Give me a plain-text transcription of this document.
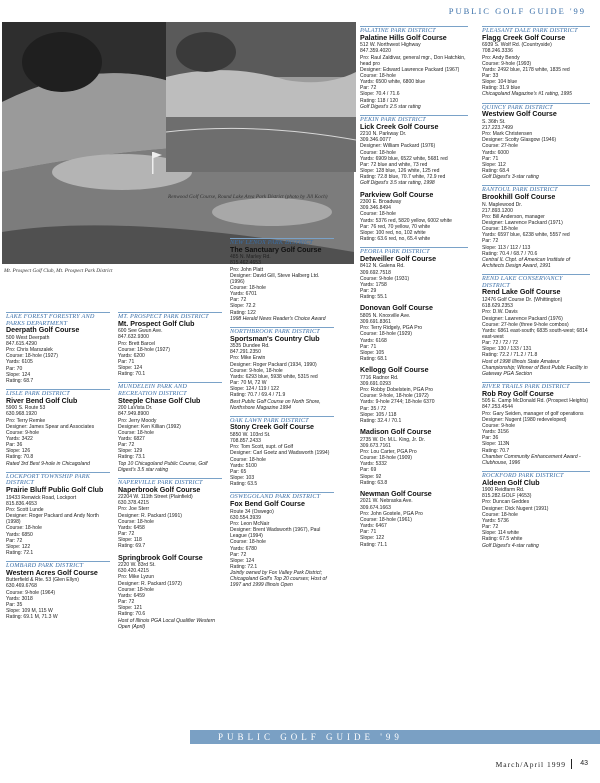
PUBLIC GOLF GUIDE '99
Mt. Prospect Golf Club, Mt. Prospect Park District
Renwood Golf Course, Round Lake Area Park District (photo by Jill Koch)
LAKE FOREST FORESTRY AND PARKS DEPARTMENT
Deerpath Golf Course
500 West Deerpath
847.615.4290
Pro: Chris Marszalek
Course: 18-hole (1927)
Yards: 6105
Par: 70
Slope: 124
Rating: 68.7
LISLE PARK DISTRICT
River Bend Golf Club
5900 S. Route 53
630.968.1920
Pro: Terry Remke
Designer: James Spear and Associates
Course: 9-hole
Yards: 3422
Par: 36
Slope: 126
Rating: 70.8
Rated 3rd Best 9-hole in Chicagoland
LOCKPORT TOWNSHIP PARK DISTRICT
Prairie Bluff Public Golf Club
19433 Renwick Road, Lockport
815.836.4653
Pro: Scott Lunde
Designer: Roger Packard and Andy North (1998)
Course: 18-hole
Yards: 6850
Par: 72
Slope: 122
Rating: 72.1
LOMBARD PARK DISTRICT
Western Acres Golf Course
Butterfield & Rte. 53 (Glen Ellyn)
630.469.6768
Course: 9-hole (1964)
Yards: 3018
Par: 35
Slope: 109 M, 115 W
Rating: 69.1 M, 71.3 W
MT. PROSPECT PARK DISTRICT
Mt. Prospect Golf Club
600 See Gwun Ave.
847.632.9300
Pro: Brett Barcel
Course: 18-hole (1927)
Yards: 6200
Par: 71
Slope: 124
Rating: 70.1
MUNDELEIN PARK AND RECREATION DISTRICT
Steeple Chase Golf Club
200 LaVista Dr.
847.949.8900
Pro: Jerry Moody
Designer: Ken Killian (1992)
Course: 18-hole
Yards: 6827
Par: 72
Slope: 129
Rating: 73.1
Top 10 Chicagoland Public Course, Golf Digest's 3.5 star rating
NAPERVILLE PARK DISTRICT
Naperbrook Golf Course
22204 W. 111th Street (Plainfield)
630.378.4215
Pro: Joe Sterr
Designer: R. Packard (1991)
Course: 18-hole
Yards: 6458
Par: 72
Slope: 118
Rating: 69.7
Springbrook Golf Course
2220 W. 83rd St.
630.420.4215
Pro: Mike Lyzun
Designer: R. Packard (1972)
Course: 18-hole
Yards: 6459
Par: 72
Slope: 121
Rating: 70.6
Host of Illinois PGA Local Qualifier Western Open (April)
NEW LENOX PARK DISTRICT
The Sanctuary Golf Course
485 N. Marley Rd.
815.462.4653
Pro: John Platt
Designer: David Gill, Steve Halberg Ltd. (1996)
Course: 18-hole
Yards: 6701
Par: 72
Slope: 72.2
Rating: 122
1998 Herald News Reader's Choice Award
NORTHBROOK PARK DISTRICT
Sportsman's Country Club
3535 Dundee Rd.
847.291.2350
Pro: Mike Erwin
Designer: Roger Packard (1934, 1990)
Course: 9-hole, 18-hole
Yards: 6293 blue, 5938 white, 5315 red
Par: 70 M, 72 W
Slope: 124 / 119 / 122
Rating: 70.7 / 69.4 / 71.9
Best Public Golf Course on North Shore, Northshore Magazine 1994
OAK LAWN PARK DISTRICT
Stony Creek Golf Course
5850 W. 103rd St.
708.857.2433
Pro: Tom Scott, supt. of Golf
Designer: Carl Goetz and Wadsworth (1994)
Course: 18-hole
Yards: 5100
Par: 65
Slope: 103
Rating: 63.5
OSWEGOLAND PARK DISTRICT
Fox Bend Golf Course
Route 34 (Oswego)
630.554.3939
Pro: Leon McNair
Designer: Brent Wadsworth (1967), Paul League (1994)
Course: 18-hole
Yards: 6780
Par: 72
Slope: 124
Rating: 72.1
Jointly owned by Fox Valley Park District; Chicagoland Golf's Top 20 courses; Host of 1997 and 1999 Illinois Open
PALATINE PARK DISTRICT
Palatine Hills Golf Course
512 W. Northwest Highway
847.359.4020
Pro: Raul Zaldivar, general mgr., Don Hatchkin, head pro
Designer: Edward Lawrence Packard (1967)
Course: 18-hole
Yards: 6500 white, 6800 blue
Par: 72
Slope: 70.4 / 71.6
Rating: 118 / 120
Golf Digest's 2.5 star rating
PEKIN PARK DISTRICT
Lick Creek Golf Course
2210 N. Parkway Dr.
309.346.0077
Designer: William Packard (1976)
Course: 18-hole
Yards: 6909 blue, 6522 white, 5681 red
Par: 72 blue and white, 73 red
Slope: 128 blue, 126 white, 125 red
Rating: 72.8 blue, 70.7 white, 72.9 red
Golf Digest's 3.5 star rating, 1998
Parkview Golf Course
2300 E. Broadway
309.346.8494
Course: 18-hole
Yards: 5376 red, 5820 yellow, 6002 white
Par: 76 red, 70 yellow, 70 white
Slope: 100 red, no, 102 white
Rating: 63.6 red, no, 65.4 white
PEORIA PARK DISTRICT
Detweiller Golf Course
8412 N. Galena Rd.
309.692.7518
Course: 9-hole (1931)
Yards: 1758
Par: 29
Rating: 55.1
Donovan Golf Course
5805 N. Knoxville Ave.
309.691.8361
Pro: Terry Ridgely, PGA Pro
Course: 18-hole (1929)
Yards: 6168
Par: 71
Slope: 105
Rating: 68.1
Kellogg Golf Course
7716 Radnor Rd.
309.691.0293
Pro: Robby Dobelstein, PGA Pro
Course: 9-hole, 18-hole (1972)
Yards: 9-hole 2744; 18-hole 6370
Par: 35 / 72
Slope: 105 / 118
Rating: 32.4 / 70.1
Madison Golf Course
2735 W. Dr. M.L. King, Jr. Dr.
309.673.7161
Pro: Lou Carter, PGA Pro
Course: 18-hole (1909)
Yards: 5332
Par: 69
Slope: 92
Rating: 63.8
Newman Golf Course
2021 W. Nebraska Ave.
309.674.1663
Pro: John Gostele, PGA Pro
Course: 18-hole (1961)
Yards: 6467
Par: 71
Slope: 122
Rating: 71.1
PLEASANT DALE PARK DISTRICT
Flagg Creek Golf Course
6939 S. Wolf Rd. (Countryside)
708.246.3336
Pro: Andy Bendy
Course: 9-hole (1993)
Yards: 2492 blue, 2178 white, 1835 red
Par: 33
Slope: 104 blue
Rating: 31.9 blue
Chicagoland Magazine's #1 rating, 1995
QUINCY PARK DISTRICT
Westview Golf Course
S. 36th St.
217.223.7499
Pro: Mark Christensen
Designer: Scotty Glasgow (1946)
Course: 27-hole
Yards: 6000
Par: 71
Slope: 112
Rating: 68.4
Golf Digest's 3-star rating
RANTOUL PARK DISTRICT
Brookhill Golf Course
N. Maplewood Dr.
217.893.1200
Pro: Bill Anderson, manager
Designer: Lawrence Packard (1971)
Course: 18-hole
Yards: 6597 blue, 6238 white, 5557 red
Par: 72
Slope: 113 / 112 / 113
Rating: 70.4 / 68.7 / 70.6
Central IL Chpt. of American Institute of Architects Design Award, 1991
REND LAKE CONSERVANCY DISTRICT
Rend Lake Golf Course
12476 Golf Course Dr. (Whittington)
618.629.2353
Pro: D.W. Davis
Designer: Lawrence Packard (1976)
Course: 27-hole (three 9-hole combos)
Yards: 6861 east-south; 6835 south-west; 6814 east-west
Par: 72 / 72 / 72
Slope: 130 / 133 / 131
Rating: 72.2 / 71.2 / 71.8
Host of 1998 Illinois State Amateur Championship; Winner of Best Public Facility in Gateway PGA Section
RIVER TRAILS PARK DISTRICT
Rob Roy Golf Course
505 E. Camp McDonald Rd. (Prospect Heights)
847.253.4544
Pro: Gary Seiden, manager of golf operations
Designer: Nugent (1980 redeveloped)
Course: 9-hole
Yards: 3156
Par: 36
Slope: 113N
Rating: 70.7
Chamber Community Enhancement Award - Clubhouse, 1996
ROCKFORD PARK DISTRICT
Aldeen Golf Club
1900 Reidfarm Rd.
815.282.GOLF (4653)
Pro: Duncan Geddes
Designer: Dick Nugent (1991)
Course: 18-hole
Yards: 5736
Par: 72
Slope: 114 white
Rating: 67.5 white
Golf Digest's 4-star rating
PUBLIC GOLF GUIDE '99
March/April 1999 43
